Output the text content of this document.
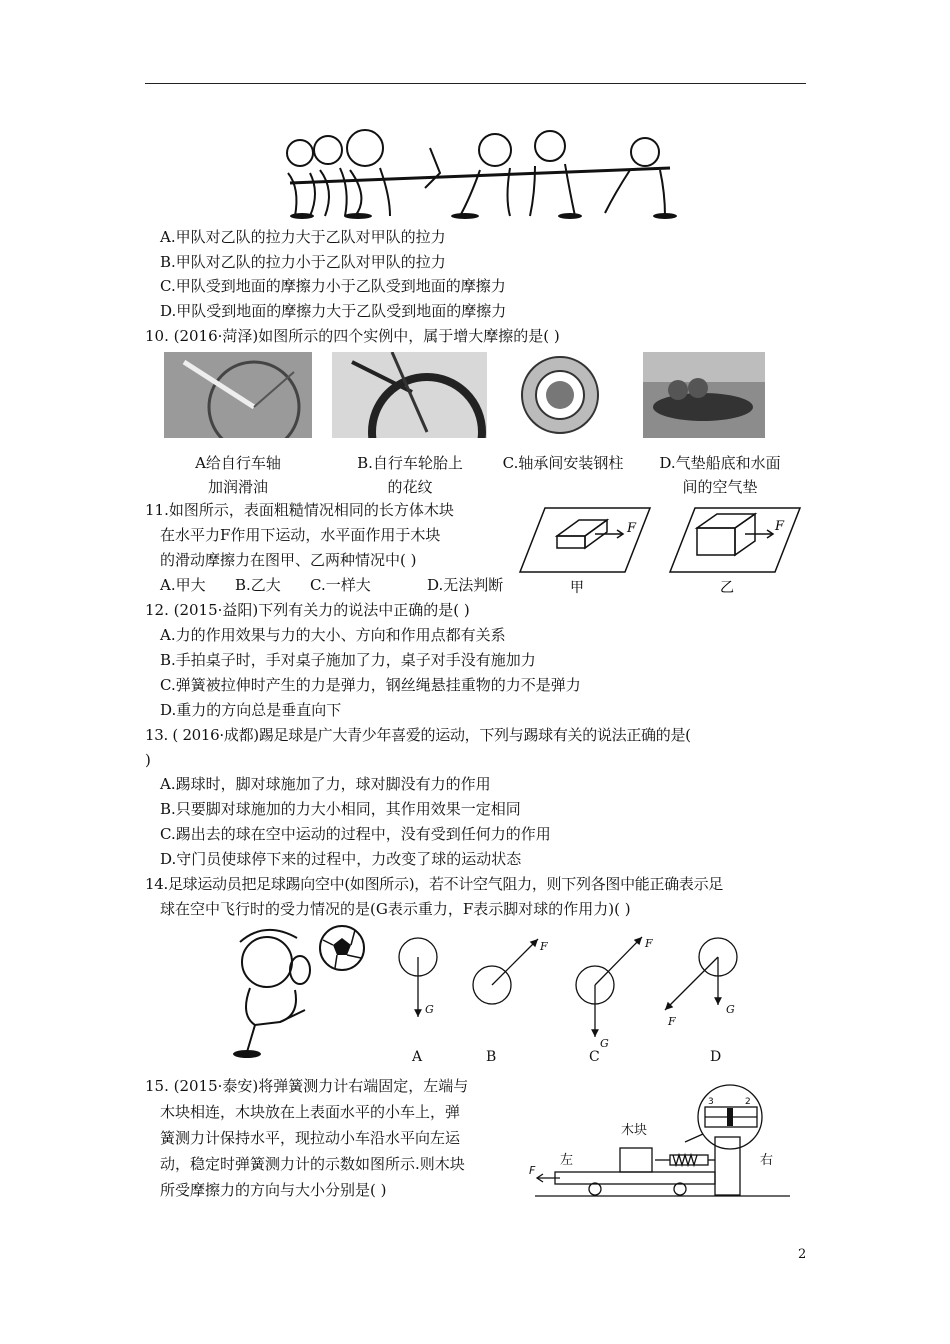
A.甲队对乙队的拉力大于乙队对甲队的拉力
B.甲队对乙队的拉力小于乙队对甲队的拉力
C.甲队受到地面的摩擦力小于乙队受到地面的摩擦力
D.甲队受到地面的摩擦力大于乙队受到地面的摩擦力
10. (2016·菏泽)如图所示的四个实例中，属于增大摩擦的是( )
A给自行车轴
加润滑油
B.自行车轮胎上
的花纹
C.轴承间安装钢柱	D.气垫船底和水面
间的空气垫
11.如图所示，表面粗糙情况相同的长方体木块
在水平力F作用下运动，水平面作用于木块
的滑动摩擦力在图甲、乙两种情况中( )
A.甲大 B.乙大 C.一样大	D.无法判断
F	F
甲	乙
12. (2015·益阳)下列有关力的说法中正确的是( )
A.力的作用效果与力的大小、方向和作用点都有关系
B.手拍桌子时，手对桌子施加了力，桌子对手没有施加力
C.弹簧被拉伸时产生的力是弹力，钢丝绳悬挂重物的力不是弹力
D.重力的方向总是垂直向下
13. ( 2016·成都)踢足球是广大青少年喜爱的运动，下列与踢球有关的说法正确的是(
)
A.踢球时，脚对球施加了力，球对脚没有力的作用
B.只要脚对球施加的力大小相同，其作用效果一定相同
C.踢出去的球在空中运动的过程中，没有受到任何力的作用
D.守门员使球停下来的过程中，力改变了球的运动状态
14.足球运动员把足球踢向空中(如图所示)，若不计空气阻力，则下列各图中能正确表示足
球在空中飞行时的受力情况的是(G表示重力，F表示脚对球的作用力)( )
G
F	F
G
G
F
A	B	C	D
15. (2015·泰安)将弹簧测力计右端固定，左端与
木块相连，木块放在上表面水平的小车上，弹
簧测力计保持水平，现拉动小车沿水平向左运
动，稳定时弹簧测力计的示数如图所示.则木块
所受摩擦力的方向与大小分别是( )
木块
左	右
F
3	2
2
